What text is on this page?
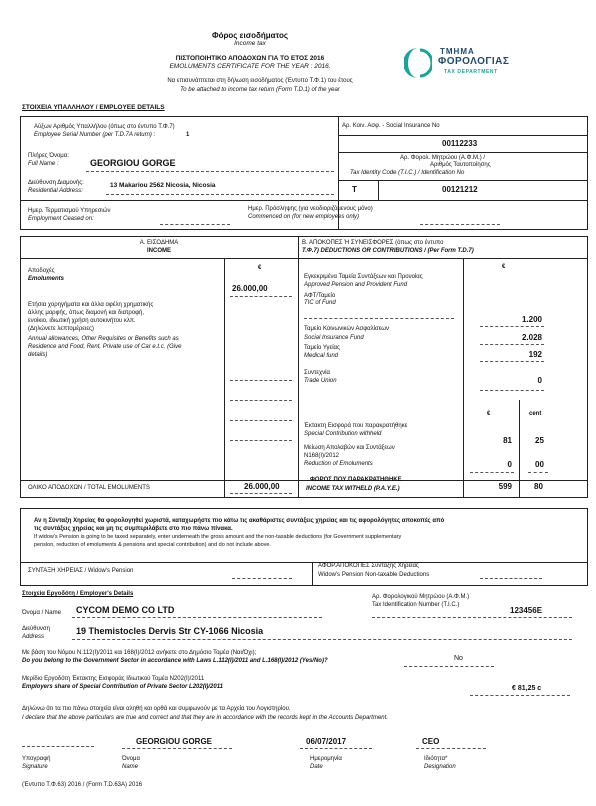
Φόρος εισοδήματος
Income tax
ΠΙΣΤΟΠΟΙΗΤΙΚΟ ΑΠΟΔΟΧΩΝ ΓΙΑ ΤΟ ΕΤΟΣ 2016
EMOLUMENTS CERTIFICATE FOR THE YEAR : 2016.
Να επισυνάπτεται στη δήλωση εισοδήματος (Έντυπο Τ.Φ.1) του έτους
To be attached to income tax return (Form T.D.1) of the year
ΤΜΗΜΑ
ΦΟΡΟΛΟΓΙΑΣ
TAX DEPARTMENT
ΣΤΟΙΧΕΙΑ ΥΠΑΛΛΗΛΟΥ / EMPLOYEE DETAILS
Αύξων Αριθμός Υπαλλήλου (όπως στο έντυπο Τ.Φ.7)
Employee Serial Number (per T.D.7A return) :	1
Αρ. Κοιν. Ασφ. - Social Insurance No
00112233
Αρ. Φορολ. Μητρώου (Α.Φ.Μ.) /
Αριθμός Ταυτοποίησης
Tax Identity Code (T.I.C.) / Identification No
T	00121212
Πλήρες Όνομα:
Full Name :	GEORGIOU GORGE
Διεύθυνση Διαμονής:
Residential Address:
13 Makariou 2562 Nicosia, Nicosia
Ημερ. Τερματισμού Υπηρεσιών
Employment Ceased on:
Ημερ. Πρόσληψης (για νεοδιοριζόμενους μόνο)
Commenced on (for new employees only)
Α. ΕΙΣΟΔΗΜΑ
INCOME
€
Αποδοχές
Emoluments
26.000,00
Ετήσια χορηγήματα και άλλα οφέλη χρηματικής
άλλης μορφής, όπως διαμονή και διατροφή,
ενοίκιο, ιδιωτική χρήση αυτοκινήτου κλπ.
(Δηλώνετε λεπτομέρειες)
Annual allowances, Other Requisites or Benefits such as
Residence and Food, Rent, Private use of Car e.t.c. (Give
details)
ΟΛΙΚΟ ΑΠΟΔΟΧΩΝ / TOTAL EMOLUMENTS	26.000,00
Β. ΑΠΟΚΟΠΕΣ Ή ΣΥΝΕΙΣΦΟΡΕΣ (όπως στο έντυπο
Τ.Φ.7) DEDUCTIONS OR CONTRIBUTIONS / (Per Form T.D.7)
€
Εγκεκριμένα Ταμεία Συντάξεων και Προνοίας
Approved Pension and Provident Fund
ΑΦΤ/Ταμείο
TIC of Fund
1.200
Ταμείο Κοινωνικών Ασφαλίσεων
Social Insurance Fund	2.028
Ταμείο Υγείας
Medical fund	192
Συντεχνία
Trade Union	0
€	cent
Έκτακτη Εισφορά που παρακρατήθηκε
Special Contribution withheld
81	25
Μείωση Απολαβών και Συντάξεων
N168(I)/2012
Reduction of Emoluments	0	00
ΦΟΡΟΣ ΠΟΥ ΠΑΡΑΚΡΑΤΗΘΗΚΕ
INCOME TAX WITHELD (P.A.Y.E.)	599	80
Αν η Σύνταξη Χηρείας θα φορολογηθεί χωριστά, καταχωρήστε πιο κάτω τις ακαθάριστες συντάξεις χηρείας και τις αφορολόγητες αποκοπές από
τις συντάξεις χηρείας και μη τις συμπεριλάβετε στο πιο πάνω πίνακα.
If widow's Pension is going to be taxed separately, enter underneath the gross amount and the non-taxable deductions (for Government supplementary
pension, reduction of emoluments & pensions and special contribution) and do not include above.
ΣΥΝΤΑΞΗ ΧΗΡΕΙΑΣ / Widow's Pension
ΑΦΟΡ.ΑΠΟΚΟΠΕΣ Σύνταξης Χηρείας
Widow's Pension Non-taxable Deductions
Στοιχεία Εργοδότη / Employer's Details
Όνομα / Name CYCOM DEMO CO LTD
Αρ. Φορολογικού Μητρώου (Α.Φ.Μ.)
Tax Identification Number (T.I.C.)
123456E
Διεύθυνση
Address
19 Themistocles Dervis Str CY-1066 Nicosia
Με βάση του Νόμου Ν.112(Ι)/2011 και 168(Ι)/2012 ανήκετε στο Δημόσιο Τομέα (Ναι/Όχι);
Do you belong to the Government Sector in accordance with Laws L.112(I)/2011 and L.168(I)/2012 (Yes/No)?	No
Μερίδιο Εργοδότη Έκτακτης Εισφοράς Ιδιωτικού Τομέα Ν202(Ι)/2011
Employers share of Special Contribution of Private Sector L202(I)/2011	€ 81,25 c
Δηλώνω ότι τα πιο πάνω στοιχεία είναι αληθή και ορθά και συμφωνούν με τα Αρχεία του Λογιστηρίου.
I declare that the above particulars are true and correct and that they are in accordance with the records kept in the Accounts Department.
GEORGIOU GORGE	06/07/2017	CEO
Υπογραφή
Signature
Όνομα
Name
Ημερομηνία
Date
Ιδιότητα*
Designation
(Έντυπο Τ.Φ.63) 2016 / (Form T.D.63A) 2016
